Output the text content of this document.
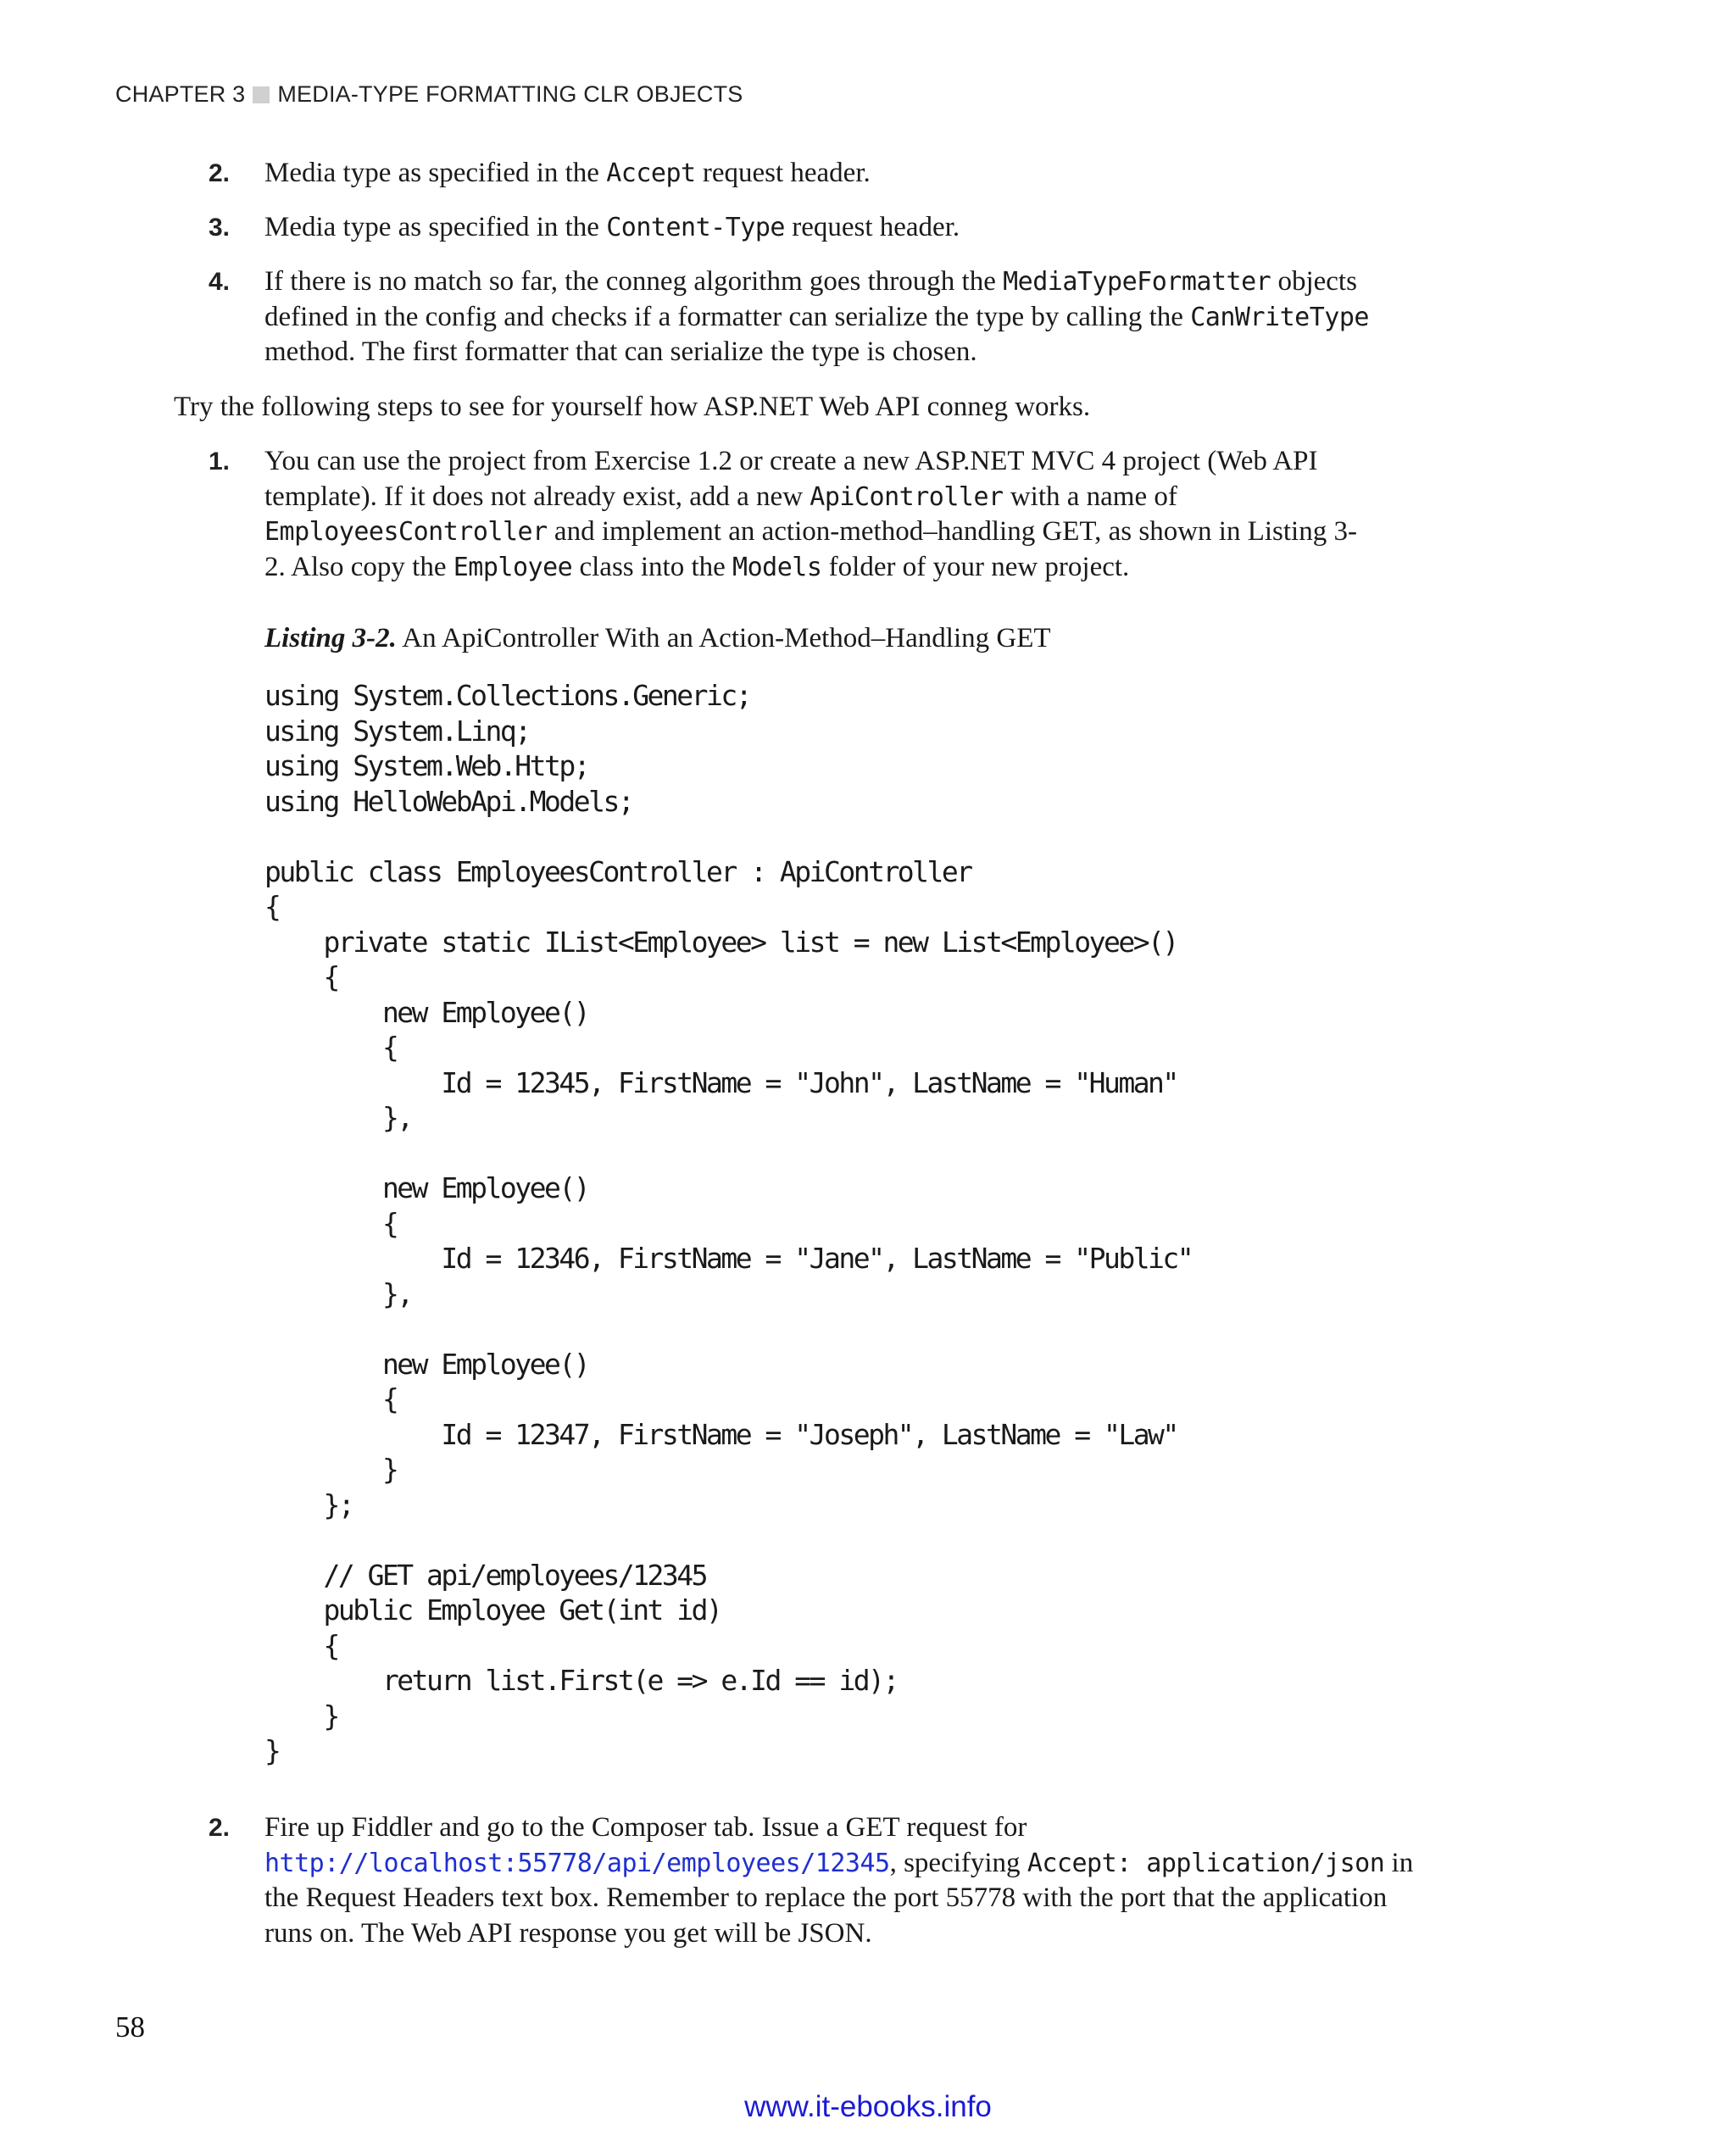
CHAPTER 3 MEDIA-TYPE FORMATTING CLR OBJECTS
2.	Media type as specified in the Accept request header.
3.	Media type as specified in the Content-Type request header.
4.	If there is no match so far, the conneg algorithm goes through the MediaTypeFormatter objects defined in the config and checks if a formatter can serialize the type by calling the CanWriteType method. The first formatter that can serialize the type is chosen.
Try the following steps to see for yourself how ASP.NET Web API conneg works.
1.	You can use the project from Exercise 1.2 or create a new ASP.NET MVC 4 project (Web API template). If it does not already exist, add a new ApiController with a name of EmployeesController and implement an action-method–handling GET, as shown in Listing 3-2. Also copy the Employee class into the Models folder of your new project.
Listing 3-2. An ApiController With an Action-Method–Handling GET
using System.Collections.Generic;
using System.Linq;
using System.Web.Http;
using HelloWebApi.Models;

public class EmployeesController : ApiController
{
private static IList<Employee> list = new List<Employee>()
{
new Employee()
{
Id = 12345, FirstName = "John", LastName = "Human"
},

new Employee()
{
Id = 12346, FirstName = "Jane", LastName = "Public"
},

new Employee()
{
Id = 12347, FirstName = "Joseph", LastName = "Law"
}
};

// GET api/employees/12345
public Employee Get(int id)
{
return list.First(e => e.Id == id);
}
}
2.	Fire up Fiddler and go to the Composer tab. Issue a GET request for http://localhost:55778/api/employees/12345, specifying Accept: application/json in the Request Headers text box. Remember to replace the port 55778 with the port that the application runs on. The Web API response you get will be JSON.
58
www.it-ebooks.info
